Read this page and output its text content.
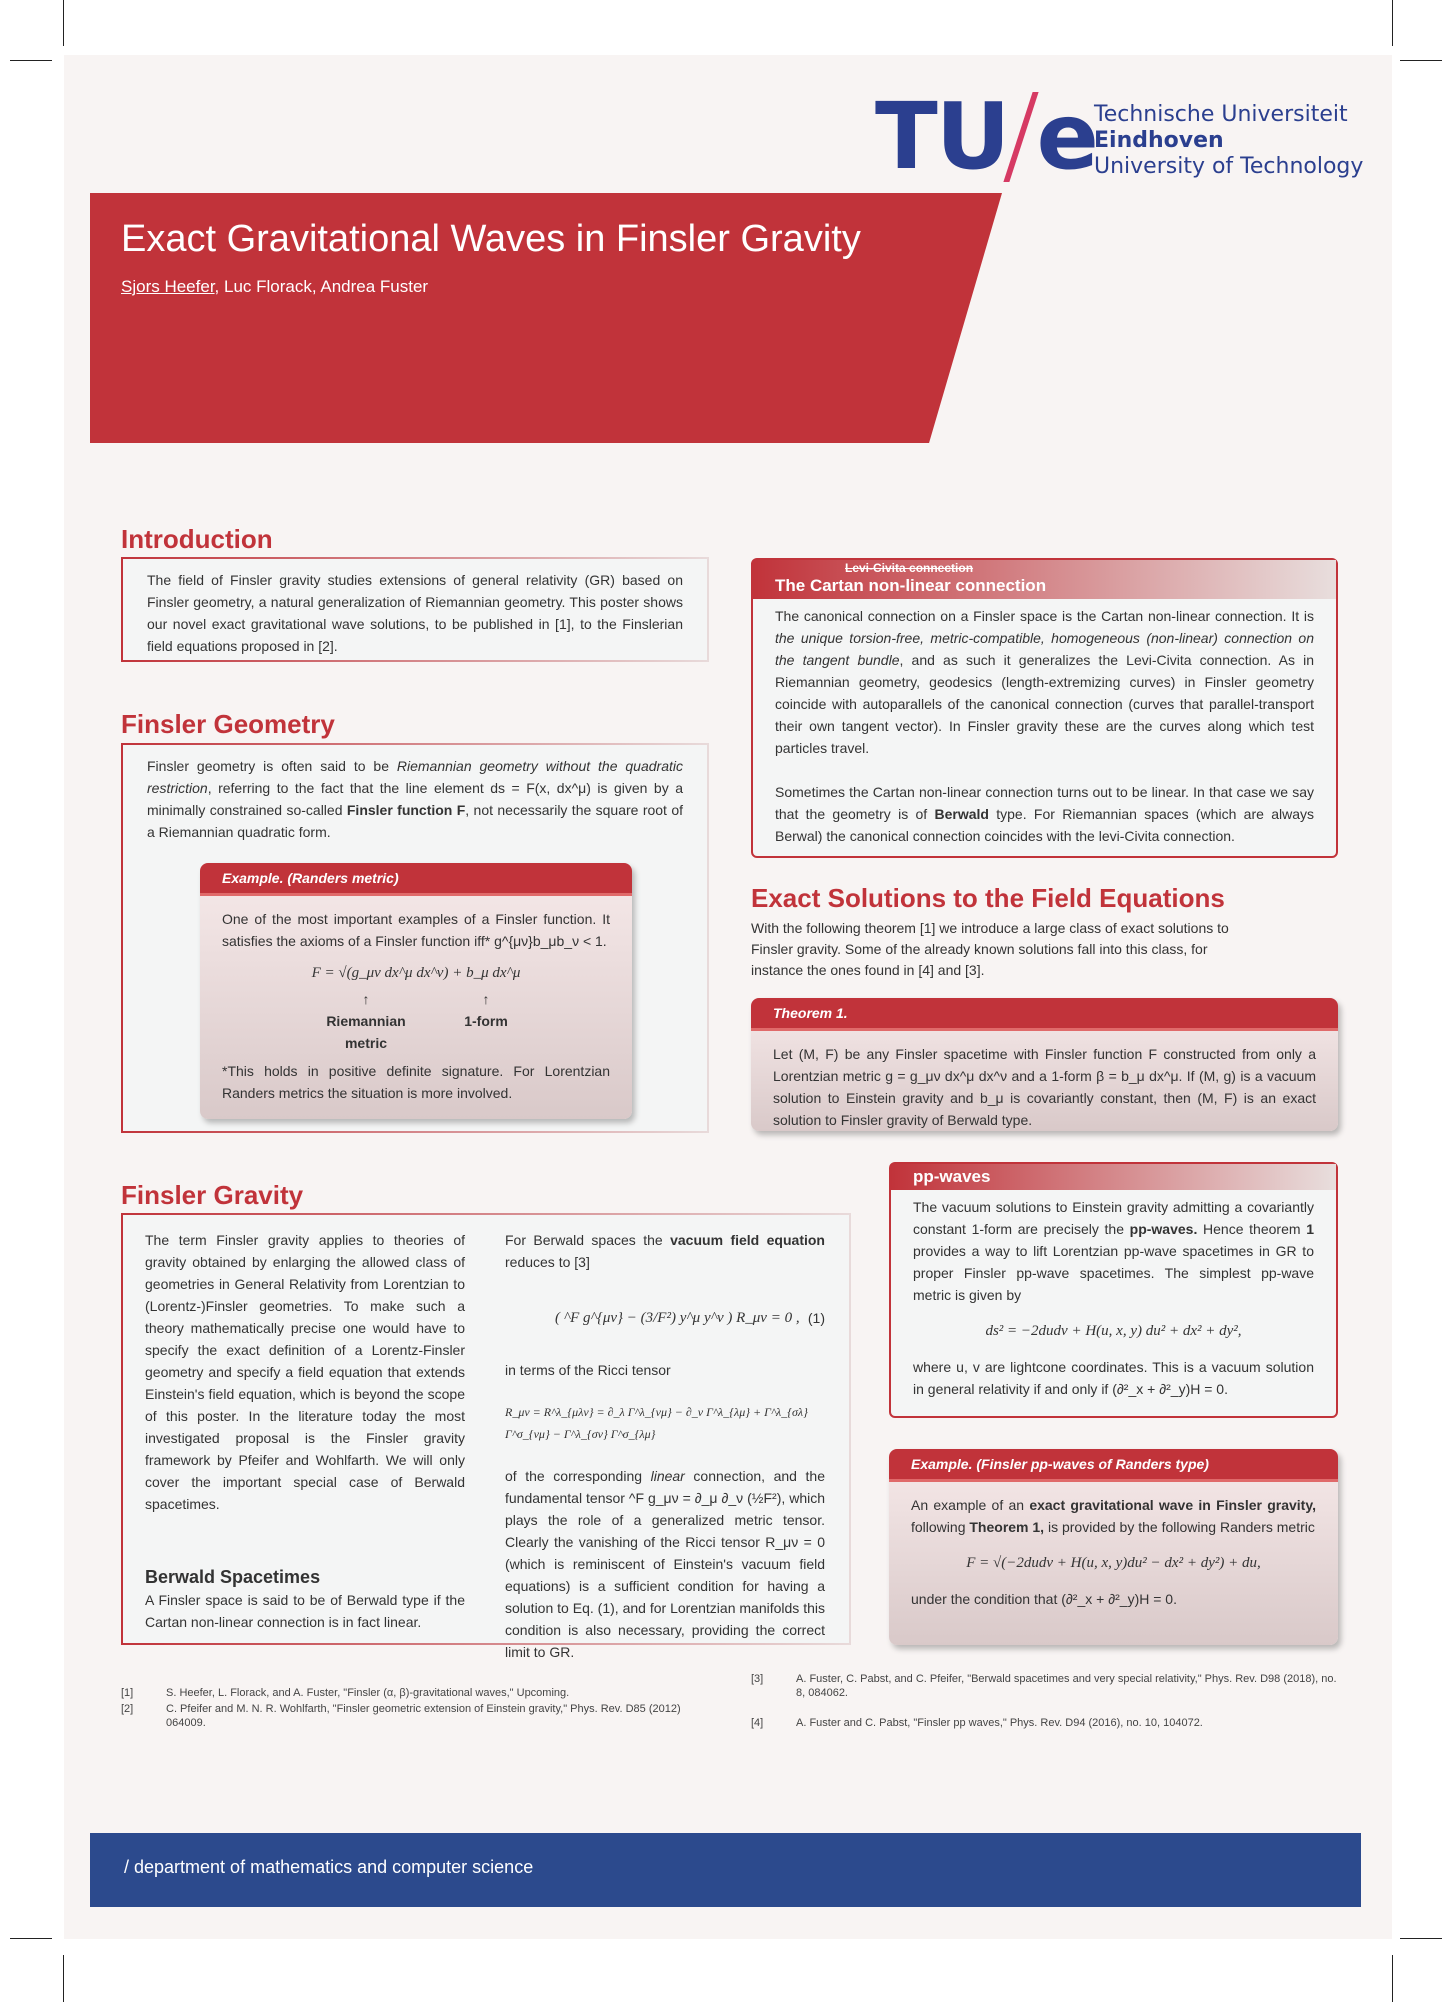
TU e
Technische Universiteit
Eindhoven
University of Technology
Exact Gravitational Waves in Finsler Gravity
Sjors Heefer, Luc Florack, Andrea Fuster
Introduction

The field of Finsler gravity studies extensions of general relativity (GR) based on Finsler geometry, a natural generalization of Riemannian geometry. This poster shows our novel exact gravitational wave solutions, to be published in [1], to the Finslerian field equations proposed in [2].

Finsler Geometry

Finsler geometry is often said to be Riemannian geometry without the quadratic restriction, referring to the fact that the line element ds = F(x, dx^μ) is given by a minimally constrained so-called Finsler function F, not necessarily the square root of a Riemannian quadratic form.

Example. (Randers metric)

One of the most important examples of a Finsler function. It satisfies the axioms of a Finsler function iff* g^{μν}b_μb_ν < 1.

F = √(g_μν dx^μ dx^ν) + b_μ dx^μ
↑
Riemannian metric
↑
1-form

*This holds in positive definite signature. For Lorentzian Randers metrics the situation is more involved.

Levi-Civita connection
The Cartan non-linear connection

The canonical connection on a Finsler space is the Cartan non-linear connection. It is the unique torsion-free, metric-compatible, homogeneous (non-linear) connection on the tangent bundle, and as such it generalizes the Levi-Civita connection. As in Riemannian geometry, geodesics (length-extremizing curves) in Finsler geometry coincide with autoparallels of the canonical connection (curves that parallel-transport their own tangent vector). In Finsler gravity these are the curves along which test particles travel.

Sometimes the Cartan non-linear connection turns out to be linear. In that case we say that the geometry is of Berwald type. For Riemannian spaces (which are always Berwal) the canonical connection coincides with the levi-Civita connection.

Exact Solutions to the Field Equations

With the following theorem [1] we introduce a large class of exact solutions to Finsler gravity. Some of the already known solutions fall into this class, for instance the ones found in [4] and [3].

Theorem 1.

Let (M, F) be any Finsler spacetime with Finsler function F constructed from only a Lorentzian metric g = g_μν dx^μ dx^ν and a 1-form β = b_μ dx^μ. If (M, g) is a vacuum solution to Einstein gravity and b_μ is covariantly constant, then (M, F) is an exact solution to Finsler gravity of Berwald type.

Finsler Gravity

The term Finsler gravity applies to theories of gravity obtained by enlarging the allowed class of geometries in General Relativity from Lorentzian to (Lorentz-)Finsler geometries. To make such a theory mathematically precise one would have to specify the exact definition of a Lorentz-Finsler geometry and specify a field equation that extends Einstein's field equation, which is beyond the scope of this poster. In the literature today the most investigated proposal is the Finsler gravity framework by Pfeifer and Wohlfarth. We will only cover the important special case of Berwald spacetimes.

Berwald Spacetimes

A Finsler space is said to be of Berwald type if the Cartan non-linear connection is in fact linear.

For Berwald spaces the vacuum field equation reduces to [3]

( ^F g^{μν} − (3/F²) y^μ y^ν ) R_μν = 0 , (1)

in terms of the Ricci tensor

R_μν = R^λ_{μλν} = ∂_λ Γ^λ_{νμ} − ∂_ν Γ^λ_{λμ} + Γ^λ_{σλ} Γ^σ_{νμ} − Γ^λ_{σν} Γ^σ_{λμ}

of the corresponding linear connection, and the fundamental tensor ^F g_μν = ∂_μ ∂_ν (½F²), which plays the role of a generalized metric tensor. Clearly the vanishing of the Ricci tensor R_μν = 0 (which is reminiscent of Einstein's vacuum field equations) is a sufficient condition for having a solution to Eq. (1), and for Lorentzian manifolds this condition is also necessary, providing the correct limit to GR.

pp-waves

The vacuum solutions to Einstein gravity admitting a covariantly constant 1-form are precisely the pp-waves. Hence theorem 1 provides a way to lift Lorentzian pp-wave spacetimes in GR to proper Finsler pp-wave spacetimes. The simplest pp-wave metric is given by

ds² = −2dudv + H(u, x, y) du² + dx² + dy²,

where u, v are lightcone coordinates. This is a vacuum solution in general relativity if and only if (∂²_x + ∂²_y)H = 0.

Example. (Finsler pp-waves of Randers type)

An example of an exact gravitational wave in Finsler gravity, following Theorem 1, is provided by the following Randers metric

F = √(−2dudv + H(u, x, y)du² − dx² + dy²) + du,

under the condition that (∂²_x + ∂²_y)H = 0.

[1]	S. Heefer, L. Florack, and A. Fuster, "Finsler (α, β)-gravitational waves," Upcoming.
[2]	C. Pfeifer and M. N. R. Wohlfarth, "Finsler geometric extension of Einstein gravity," Phys. Rev. D85 (2012) 064009.
[3]	A. Fuster, C. Pabst, and C. Pfeifer, "Berwald spacetimes and very special relativity," Phys. Rev. D98 (2018), no. 8, 084062.
[4]	A. Fuster and C. Pabst, "Finsler pp waves," Phys. Rev. D94 (2016), no. 10, 104072.
/ department of mathematics and computer science
